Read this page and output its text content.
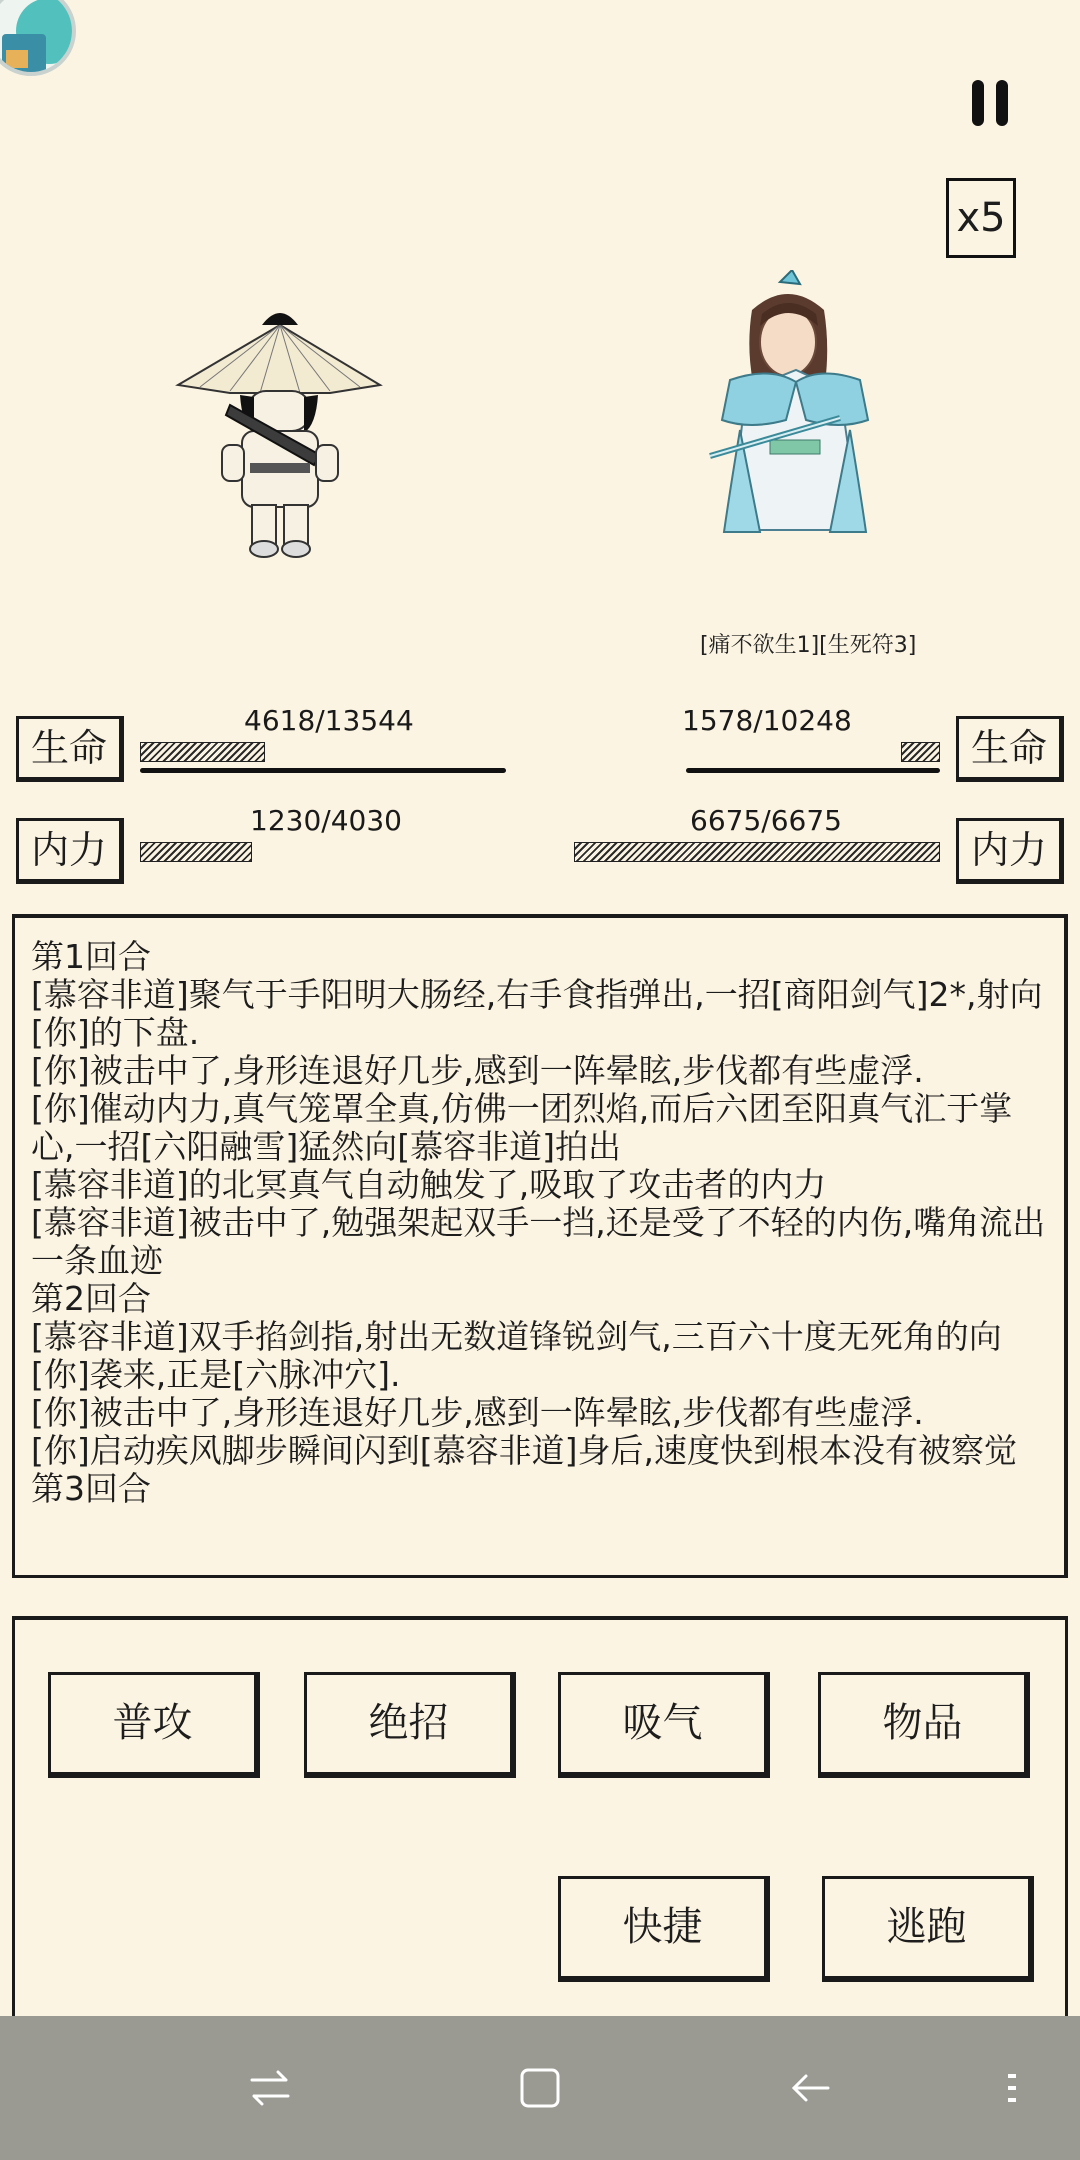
x5
[痛不欲生1][生死符3]
生命
4618/13544
内力
1230/4030
生命
1578/10248
内力
6675/6675
第1回合
[慕容非道]聚气于手阳明大肠经,右手食指弹出,一招[商阳剑气]2*,射向[你]的下盘.
[你]被击中了,身形连退好几步,感到一阵晕眩,步伐都有些虚浮.
[你]催动内力,真气笼罩全真,仿佛一团烈焰,而后六团至阳真气汇于掌心,一招[六阳融雪]猛然向[慕容非道]拍出
[慕容非道]的北冥真气自动触发了,吸取了攻击者的内力
[慕容非道]被击中了,勉强架起双手一挡,还是受了不轻的内伤,嘴角流出一条血迹
第2回合
[慕容非道]双手掐剑指,射出无数道锋锐剑气,三百六十度无死角的向[你]袭来,正是[六脉冲穴].
[你]被击中了,身形连退好几步,感到一阵晕眩,步伐都有些虚浮.
[你]启动疾风脚步瞬间闪到[慕容非道]身后,速度快到根本没有被察觉
第3回合
普攻	绝招	吸气	物品
快捷	逃跑
